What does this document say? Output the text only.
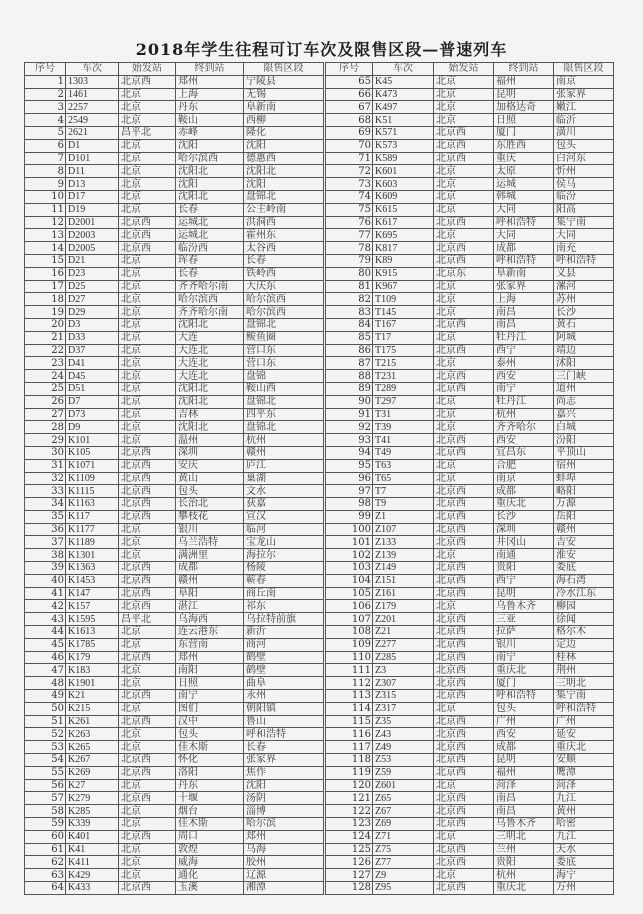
2018年学生往程可订车次及限售区段—普速列车
序号	车次	始发站	终到站	限售区段
1	1303	北京西	郑州	宁陵县
2	1461	北京	上海	无锡
3	2257	北京	丹东	阜新南
4	2549	北京	鞍山	西柳
5	2621	昌平北	赤峰	隆化
6	D1	北京	沈阳	沈阳
7	D101	北京	哈尔滨西	德惠西
8	D11	北京	沈阳北	沈阳北
9	D13	北京	沈阳	沈阳
10	D17	北京	沈阳北	盘锦北
11	D19	北京	长春	公主岭南
12	D2001	北京西	运城北	洪洞西
13	D2003	北京西	运城北	霍州东
14	D2005	北京西	临汾西	太谷西
15	D21	北京	珲春	长春
16	D23	北京	长春	铁岭西
17	D25	北京	齐齐哈尔南	大庆东
18	D27	北京	哈尔滨西	哈尔滨西
19	D29	北京	齐齐哈尔南	哈尔滨西
20	D3	北京	沈阳北	盘锦北
21	D33	北京	大连	鲅鱼圈
22	D37	北京	大连北	营口东
23	D41	北京	大连北	营口东
24	D45	北京	大连北	盘锦
25	D51	北京	沈阳北	鞍山西
26	D7	北京	沈阳北	盘锦北
27	D73	北京	吉林	四平东
28	D9	北京	沈阳北	盘锦北
29	K101	北京	温州	杭州
30	K105	北京西	深圳	赣州
31	K1071	北京西	安庆	庐江
32	K1109	北京西	黄山	巢湖
33	K1115	北京西	包头	文水
34	K1163	北京西	长治北	获嘉
35	K117	北京西	攀枝花	宣汉
36	K1177	北京	银川	临河
37	K1189	北京	乌兰浩特	宝龙山
38	K1301	北京	满洲里	海拉尔
39	K1363	北京西	成都	杨陵
40	K1453	北京西	赣州	蕲春
41	K147	北京西	阜阳	商丘南
42	K157	北京西	湛江	祁东
43	K1595	昌平北	乌海西	乌拉特前旗
44	K1613	北京	连云港东	新沂
45	K1785	北京	东营南	商河
46	K179	北京西	郑州	鹤壁
47	K183	北京	南阳	鹤壁
48	K1901	北京	日照	曲阜
49	K21	北京西	南宁	永州
50	K215	北京	图们	朝阳镇
51	K261	北京西	汉中	鲁山
52	K263	北京	包头	呼和浩特
53	K265	北京	佳木斯	长春
54	K267	北京西	怀化	张家界
55	K269	北京西	洛阳	焦作
56	K27	北京	丹东	沈阳
57	K279	北京西	十堰	汤阴
58	K285	北京	烟台	淄博
59	K339	北京	佳木斯	哈尔滨
60	K401	北京西	周口	郑州
61	K41	北京	敦煌	乌海
62	K411	北京	威海	胶州
63	K429	北京	通化	辽源
64	K433	北京西	玉溪	湘潭
序号	车次	始发站	终到站	限售区段
65	K45	北京	福州	南京
66	K473	北京	昆明	张家界
67	K497	北京	加格达奇	嫩江
68	K51	北京	日照	临沂
69	K571	北京西	厦门	潢川
70	K573	北京西	东胜西	包头
71	K589	北京西	重庆	白河东
72	K601	北京	太原	忻州
73	K603	北京	运城	侯马
74	K609	北京	韩城	临汾
75	K615	北京	大同	阳高
76	K617	北京西	呼和浩特	集宁南
77	K695	北京	大同	大同
78	K817	北京西	成都	南充
79	K89	北京西	呼和浩特	呼和浩特
80	K915	北京东	阜新南	义县
81	K967	北京	张家界	漯河
82	T109	北京	上海	苏州
83	T145	北京	南昌	长沙
84	T167	北京西	南昌	黄石
85	T17	北京	牡丹江	阿城
86	T175	北京西	西宁	靖边
87	T215	北京	泰州	沭阳
88	T231	北京西	西安	三门峡
89	T289	北京西	南宁	道州
90	T297	北京	牡丹江	尚志
91	T31	北京	杭州	嘉兴
92	T39	北京	齐齐哈尔	白城
93	T41	北京西	西安	汾阳
94	T49	北京西	宜昌东	平顶山
95	T63	北京	合肥	宿州
96	T65	北京	南京	蚌埠
97	T7	北京西	成都	略阳
98	T9	北京西	重庆北	万源
99	Z1	北京西	长沙	岳阳
100	Z107	北京西	深圳	赣州
101	Z133	北京西	井冈山	吉安
102	Z139	北京	南通	淮安
103	Z149	北京西	贵阳	娄底
104	Z151	北京西	西宁	海石湾
105	Z161	北京西	昆明	冷水江东
106	Z179	北京	乌鲁木齐	柳园
107	Z201	北京西	三亚	徐闻
108	Z21	北京西	拉萨	格尔木
109	Z277	北京西	银川	定边
110	Z285	北京西	南宁	桂林
111	Z3	北京西	重庆北	荆州
112	Z307	北京西	厦门	三明北
113	Z315	北京西	呼和浩特	集宁南
114	Z317	北京	包头	呼和浩特
115	Z35	北京西	广州	广州
116	Z43	北京西	西安	延安
117	Z49	北京西	成都	重庆北
118	Z53	北京西	昆明	安顺
119	Z59	北京西	福州	鹰潭
120	Z601	北京	菏泽	菏泽
121	Z65	北京西	南昌	九江
122	Z67	北京西	南昌	黄州
123	Z69	北京西	乌鲁木齐	哈密
124	Z71	北京	三明北	九江
125	Z75	北京西	兰州	天水
126	Z77	北京西	贵阳	娄底
127	Z9	北京	杭州	海宁
128	Z95	北京西	重庆北	万州
